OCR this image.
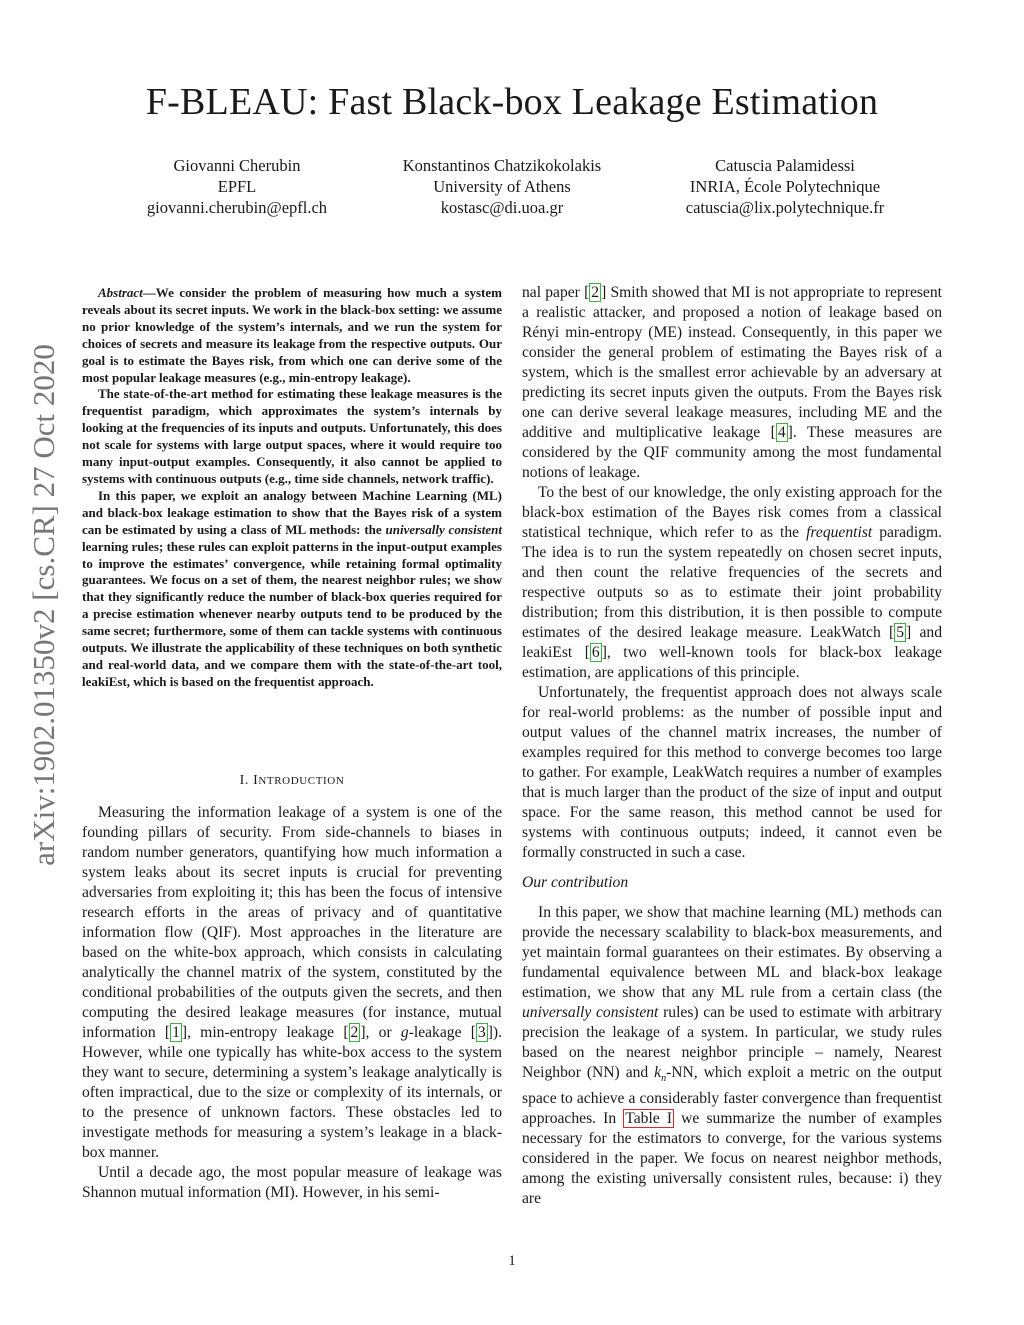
F-BLEAU: Fast Black-box Leakage Estimation
Giovanni Cherubin
EPFL
giovanni.cherubin@epfl.ch
Konstantinos Chatzikokolakis
University of Athens
kostasc@di.uoa.gr
Catuscia Palamidessi
INRIA, École Polytechnique
catuscia@lix.polytechnique.fr
arXiv:1902.01350v2 [cs.CR] 27 Oct 2020

Abstract—We consider the problem of measuring how much a system reveals about its secret inputs. We work in the black-box setting: we assume no prior knowledge of the system’s internals, and we run the system for choices of secrets and measure its leakage from the respective outputs. Our goal is to estimate the Bayes risk, from which one can derive some of the most popular leakage measures (e.g., min-entropy leakage).

The state-of-the-art method for estimating these leakage measures is the frequentist paradigm, which approximates the system’s internals by looking at the frequencies of its inputs and outputs. Unfortunately, this does not scale for systems with large output spaces, where it would require too many input-output examples. Consequently, it also cannot be applied to systems with continuous outputs (e.g., time side channels, network traffic).

In this paper, we exploit an analogy between Machine Learning (ML) and black-box leakage estimation to show that the Bayes risk of a system can be estimated by using a class of ML methods: the universally consistent learning rules; these rules can exploit patterns in the input-output examples to improve the estimates’ convergence, while retaining formal optimality guarantees. We focus on a set of them, the nearest neighbor rules; we show that they significantly reduce the number of black-box queries required for a precise estimation whenever nearby outputs tend to be produced by the same secret; furthermore, some of them can tackle systems with continuous outputs. We illustrate the applicability of these techniques on both synthetic and real-world data, and we compare them with the state-of-the-art tool, leakiEst, which is based on the frequentist approach.

I. INTRODUCTION

Measuring the information leakage of a system is one of the founding pillars of security. From side-channels to biases in random number generators, quantifying how much information a system leaks about its secret inputs is crucial for preventing adversaries from exploiting it; this has been the focus of intensive research efforts in the areas of privacy and of quantitative information flow (QIF). Most approaches in the literature are based on the white-box approach, which consists in calculating analytically the channel matrix of the system, constituted by the conditional probabilities of the outputs given the secrets, and then computing the desired leakage measures (for instance, mutual information [ 1 ], min-entropy leakage [ 2 ], or g-leakage [ 3 ]). However, while one typically has white-box access to the system they want to secure, determining a system’s leakage analytically is often impractical, due to the size or complexity of its internals, or to the presence of unknown factors. These obstacles led to investigate methods for measuring a system’s leakage in a black-box manner.

Until a decade ago, the most popular measure of leakage was Shannon mutual information (MI). However, in his semi-

nal paper [ 2 ] Smith showed that MI is not appropriate to represent a realistic attacker, and proposed a notion of leakage based on Rényi min-entropy (ME) instead. Consequently, in this paper we consider the general problem of estimating the Bayes risk of a system, which is the smallest error achievable by an adversary at predicting its secret inputs given the outputs. From the Bayes risk one can derive several leakage measures, including ME and the additive and multiplicative leakage [ 4 ]. These measures are considered by the QIF community among the most fundamental notions of leakage.

To the best of our knowledge, the only existing approach for the black-box estimation of the Bayes risk comes from a classical statistical technique, which refer to as the frequentist paradigm. The idea is to run the system repeatedly on chosen secret inputs, and then count the relative frequencies of the secrets and respective outputs so as to estimate their joint probability distribution; from this distribution, it is then possible to compute estimates of the desired leakage measure. LeakWatch [ 5 ] and leakiEst [ 6 ], two well-known tools for black-box leakage estimation, are applications of this principle.

Unfortunately, the frequentist approach does not always scale for real-world problems: as the number of possible input and output values of the channel matrix increases, the number of examples required for this method to converge becomes too large to gather. For example, LeakWatch requires a number of examples that is much larger than the product of the size of input and output space. For the same reason, this method cannot be used for systems with continuous outputs; indeed, it cannot even be formally constructed in such a case.

Our contribution

In this paper, we show that machine learning (ML) methods can provide the necessary scalability to black-box measurements, and yet maintain formal guarantees on their estimates. By observing a fundamental equivalence between ML and black-box leakage estimation, we show that any ML rule from a certain class (the universally consistent rules) can be used to estimate with arbitrary precision the leakage of a system. In particular, we study rules based on the nearest neighbor principle – namely, Nearest Neighbor (NN) and $k_n-NN$, which exploit a metric on the output space to achieve a considerably faster convergence than frequentist approaches. In Table I we summarize the number of examples necessary for the estimators to converge, for the various systems considered in the paper. We focus on nearest neighbor methods, among the existing universally consistent rules, because: i) they are

1
